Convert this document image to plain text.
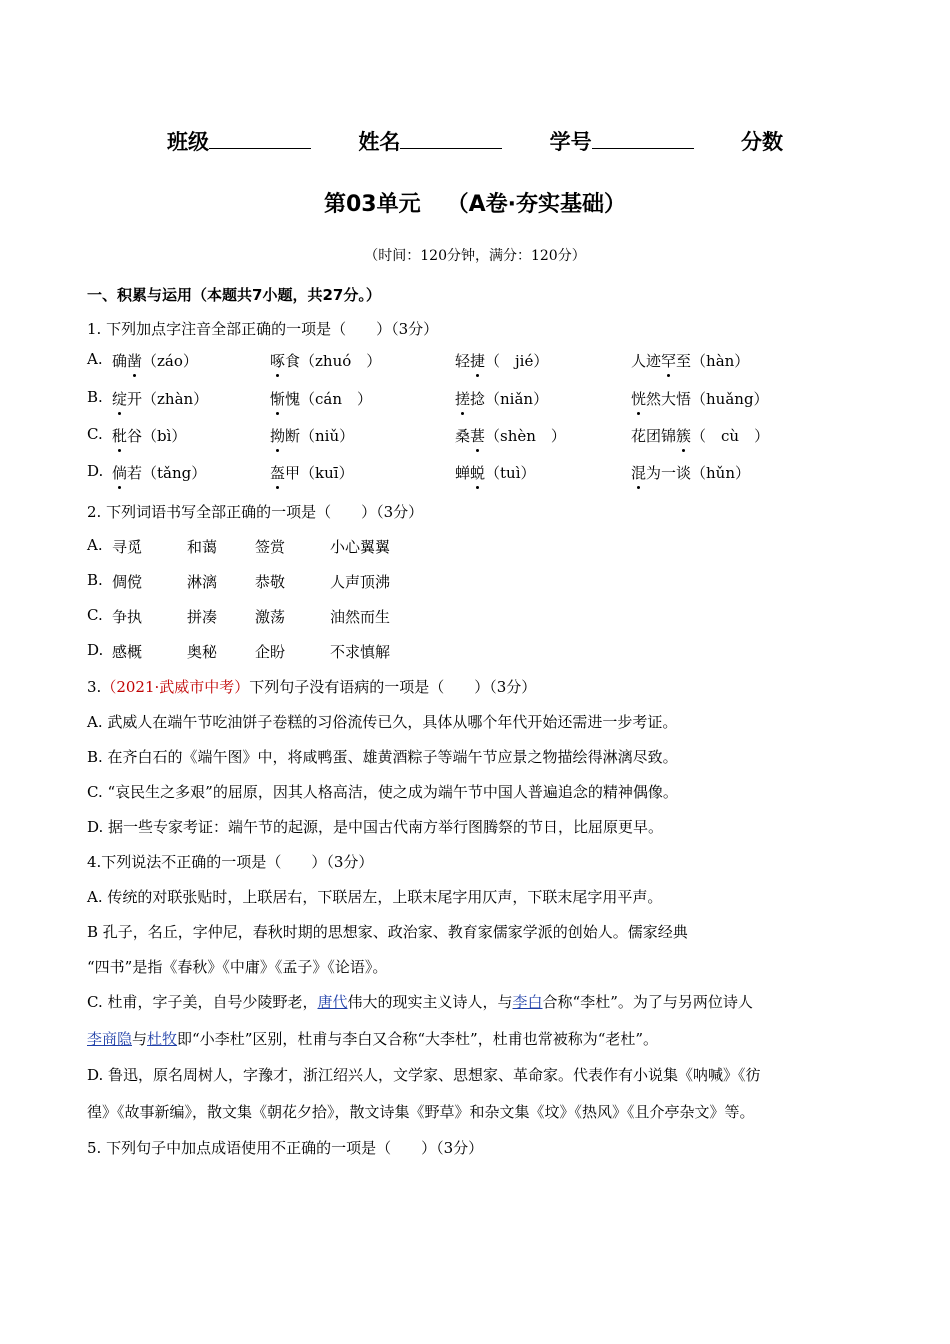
班级	姓名	学号	分数
第03单元 （A卷·夯实基础）
（时间：120分钟，满分：120分）
一、积累与运用（本题共7小题，共27分。）
1. 下列加点字注音全部正确的一项是（　　）（3分）
A. 确凿（záo）	啄食（zhuó　）	轻捷（　jié）	人迹罕至（hàn）
B. 绽开（zhàn）	惭愧（cán　）	搓捻（niǎn）	恍然大悟（huǎng）
C. 秕谷（bì）	拗断（niǔ）	桑葚（shèn　）	花团锦簇（　cù　）
D. 倘若（tǎng）	盔甲（kuī）	蝉蜕（tuì）	混为一谈（hǔn）
2. 下列词语书写全部正确的一项是（　　）（3分）
A. 寻觅	和蔼	签赏	小心翼翼
B. 倜傥	淋漓	恭敬	人声顶沸
C. 争执	拼凑	激荡	油然而生
D. 感概	奥秘	企盼	不求慎解
3.（2021·武威市中考）下列句子没有语病的一项是（　　）（3分）
A. 武威人在端午节吃油饼子卷糕的习俗流传已久，具体从哪个年代开始还需进一步考证。
B. 在齐白石的《端午图》中，将咸鸭蛋、雄黄酒粽子等端午节应景之物描绘得淋漓尽致。
C. “哀民生之多艰”的屈原，因其人格高洁，使之成为端午节中国人普遍追念的精神偶像。
D. 据一些专家考证：端午节的起源，是中国古代南方举行图腾祭的节日，比屈原更早。
4.下列说法不正确的一项是（　　）（3分）
A. 传统的对联张贴时，上联居右，下联居左，上联末尾字用仄声，下联末尾字用平声。
B 孔子，名丘，字仲尼，春秋时期的思想家、政治家、教育家儒家学派的创始人。儒家经典
“四书”是指《春秋》《中庸》《孟子》《论语》。
C. 杜甫，字子美，自号少陵野老，唐代伟大的现实主义诗人，与李白合称“李杜”。为了与另两位诗人
李商隐与杜牧即“小李杜”区别，杜甫与李白又合称“大李杜”，杜甫也常被称为“老杜”。
D. 鲁迅，原名周树人，字豫才，浙江绍兴人，文学家、思想家、革命家。代表作有小说集《呐喊》《彷
徨》《故事新编》，散文集《朝花夕拾》，散文诗集《野草》和杂文集《坟》《热风》《且介亭杂文》等。
5. 下列句子中加点成语使用不正确的一项是（　　）（3分）
